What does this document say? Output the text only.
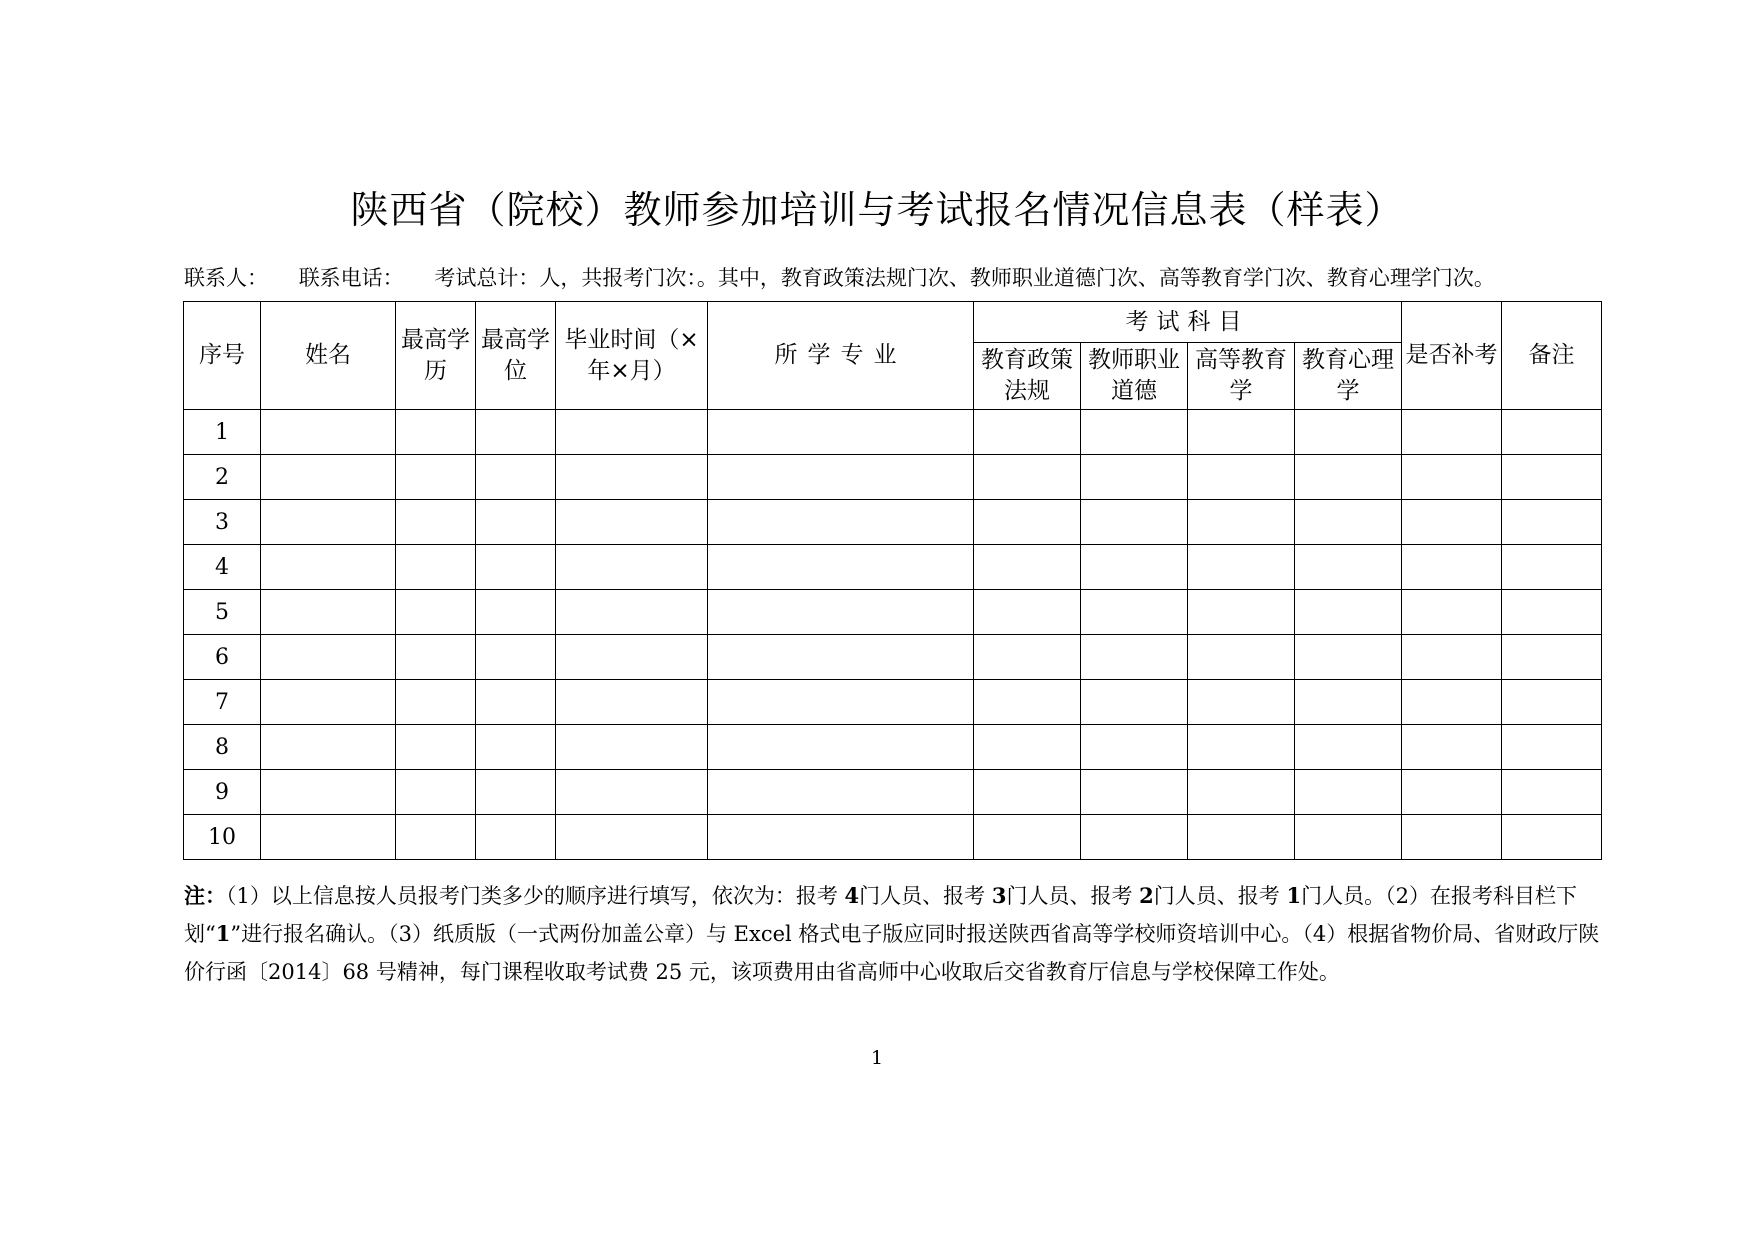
陕西省（院校）教师参加培训与考试报名情况信息表（样表）
联系人： 联系电话： 考试总计：人，共报考门次：。其中，教育政策法规门次、教师职业道德门次、高等教育学门次、教育心理学门次。
序号	姓名	最高学历	最高学位	毕业时间（×年×月）	所学专业	考试科目				是否补考	备注
						教育政策法规	教师职业道德	高等教育学	教育心理学		
1											
2											
3											
4											
5											
6											
7											
8											
9											
10											
注：（1）以上信息按人员报考门类多少的顺序进行填写，依次为：报考 4门人员、报考 3门人员、报考 2门人员、报考 1门人员。（2）在报考科目栏下划“1”进行报名确认。（3）纸质版（一式两份加盖公章）与 Excel 格式电子版应同时报送陕西省高等学校师资培训中心。（4）根据省物价局、省财政厅陕价行函〔2014〕68 号精神，每门课程收取考试费 25 元，该项费用由省高师中心收取后交省教育厅信息与学校保障工作处。
1
